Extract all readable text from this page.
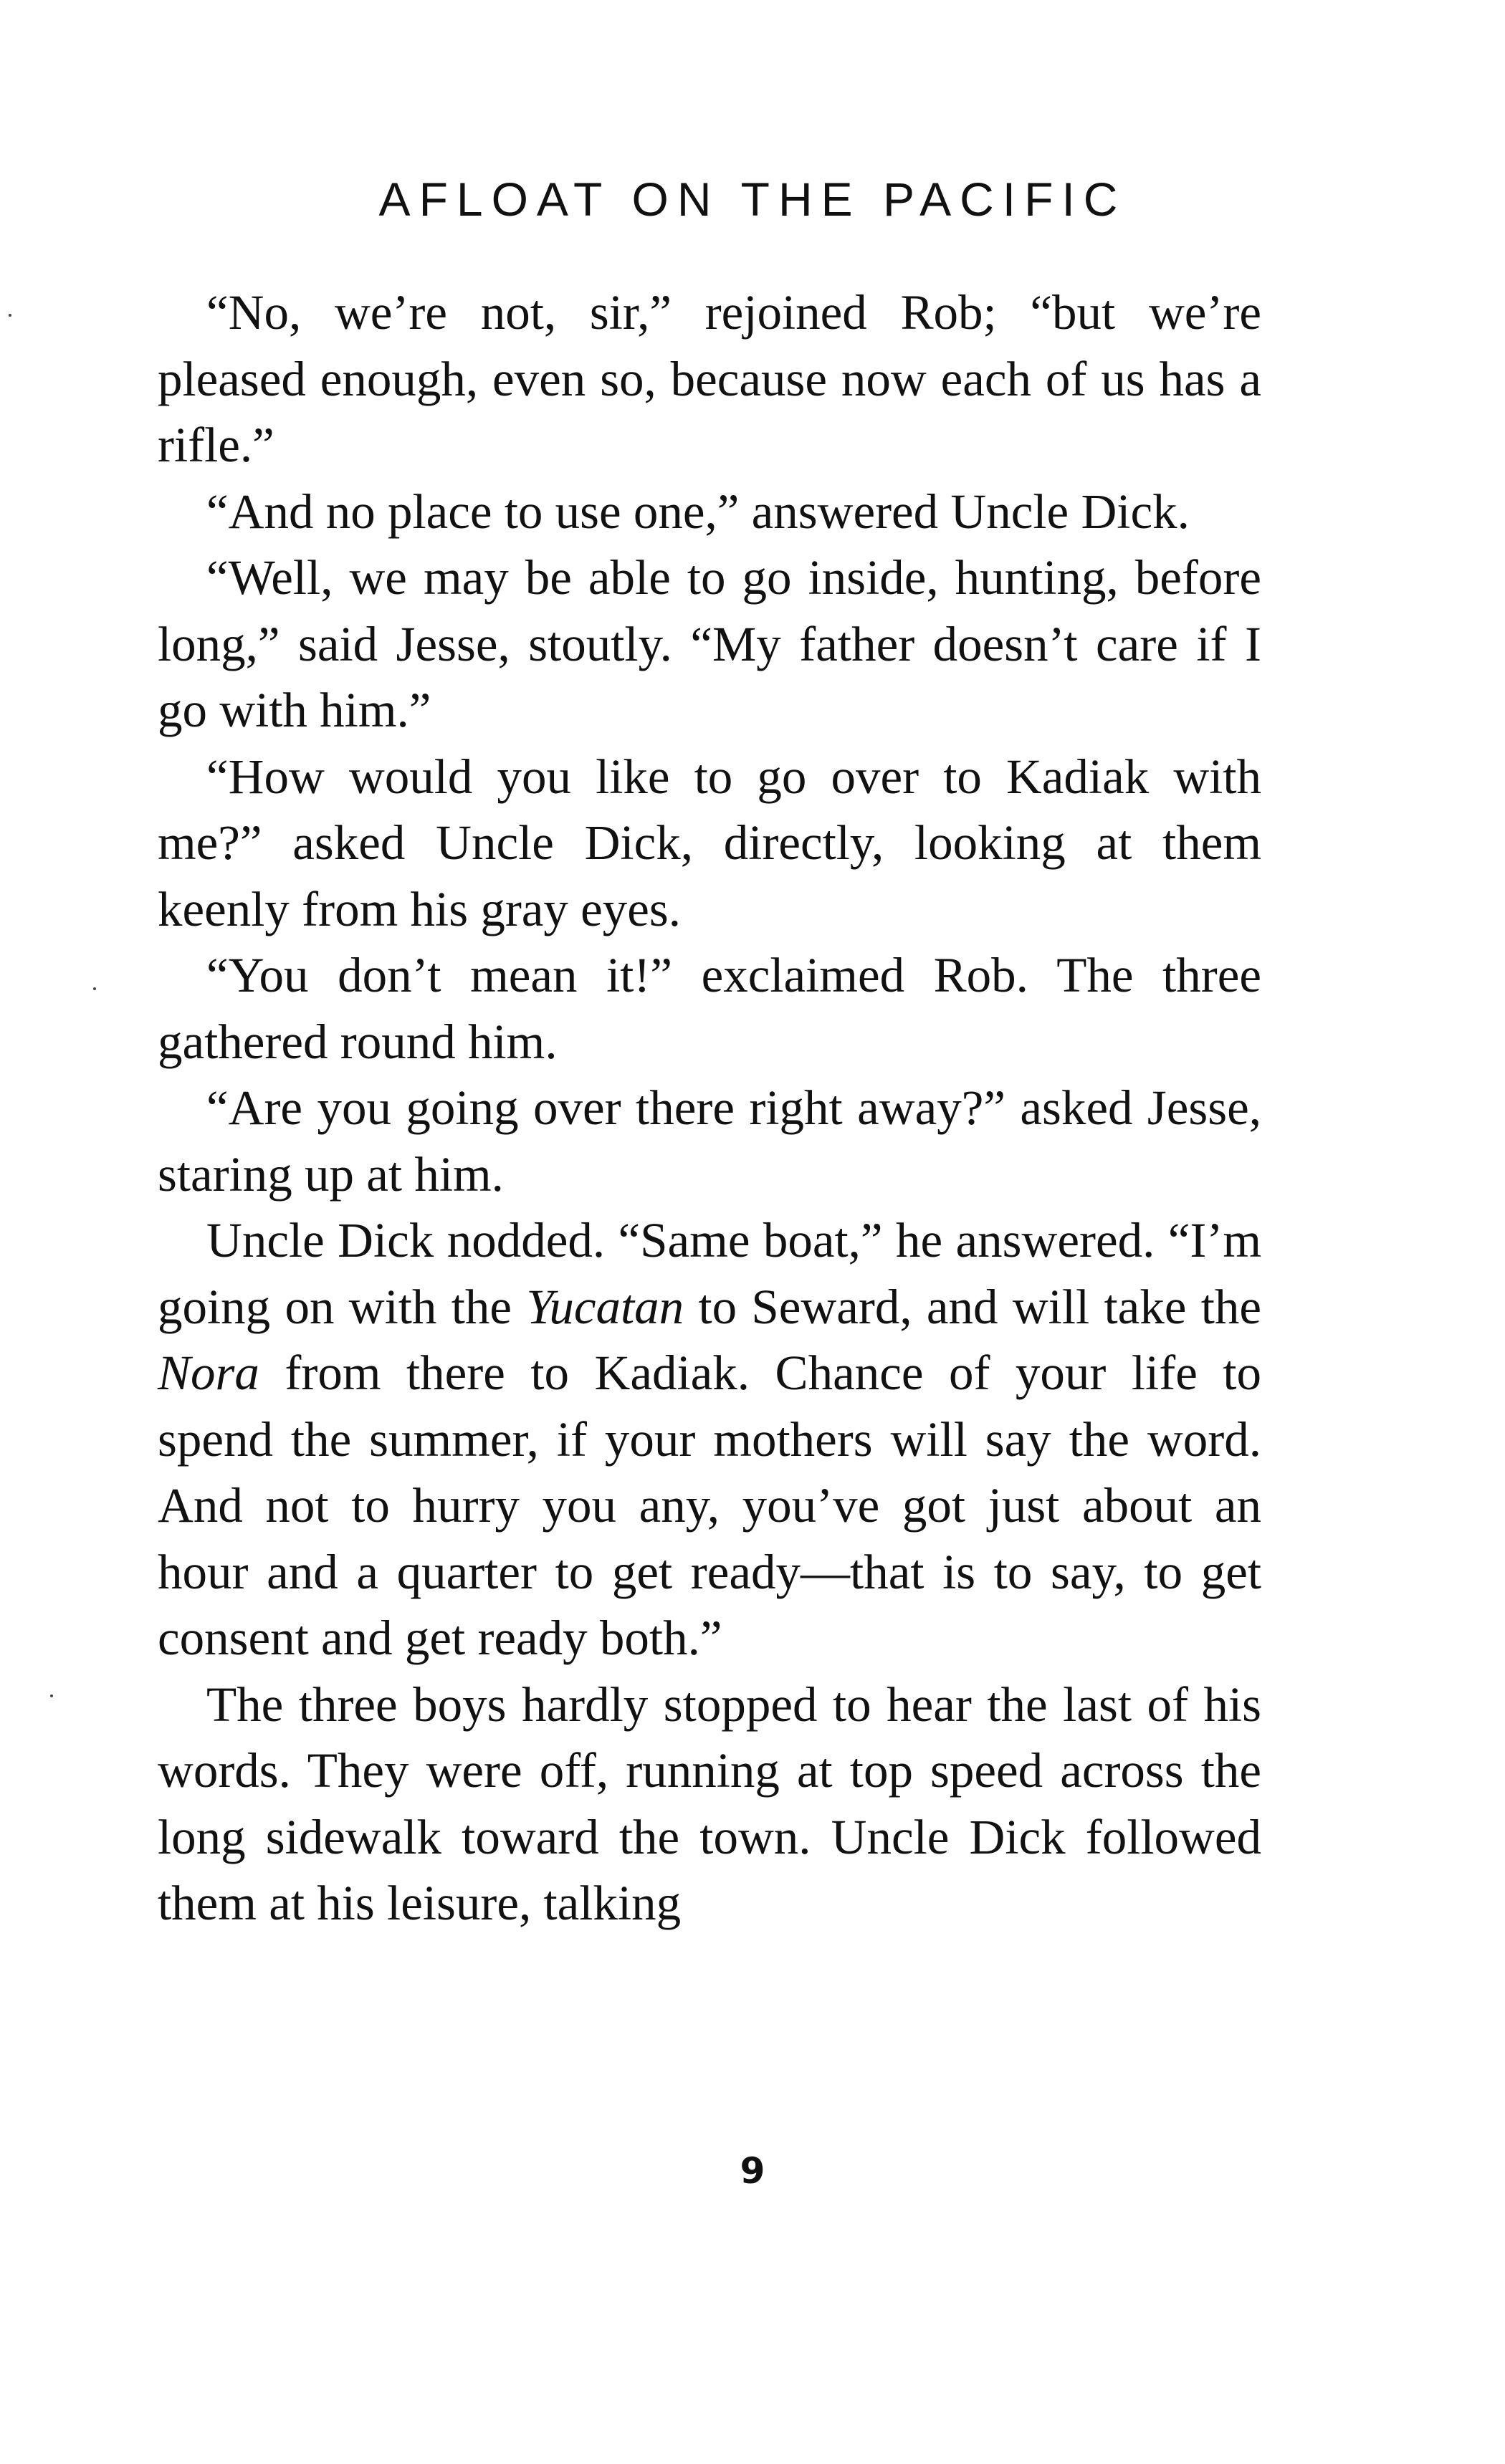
AFLOAT ON THE PACIFIC

“No, we’re not, sir,” rejoined Rob; “but we’re pleased enough, even so, because now each of us has a rifle.”

“And no place to use one,” answered Uncle Dick.

“Well, we may be able to go inside, hunting, before long,” said Jesse, stoutly. “My father doesn’t care if I go with him.”

“How would you like to go over to Kadiak with me?” asked Uncle Dick, directly, looking at them keenly from his gray eyes.

“You don’t mean it!” exclaimed Rob. The three gathered round him.

“Are you going over there right away?” asked Jesse, staring up at him.

Uncle Dick nodded. “Same boat,” he answered. “I’m going on with the Yucatan to Seward, and will take the Nora from there to Kadiak. Chance of your life to spend the summer, if your mothers will say the word. And not to hurry you any, you’ve got just about an hour and a quarter to get ready—that is to say, to get consent and get ready both.”

The three boys hardly stopped to hear the last of his words. They were off, running at top speed across the long sidewalk toward the town. Uncle Dick followed them at his leisure, talking

9
